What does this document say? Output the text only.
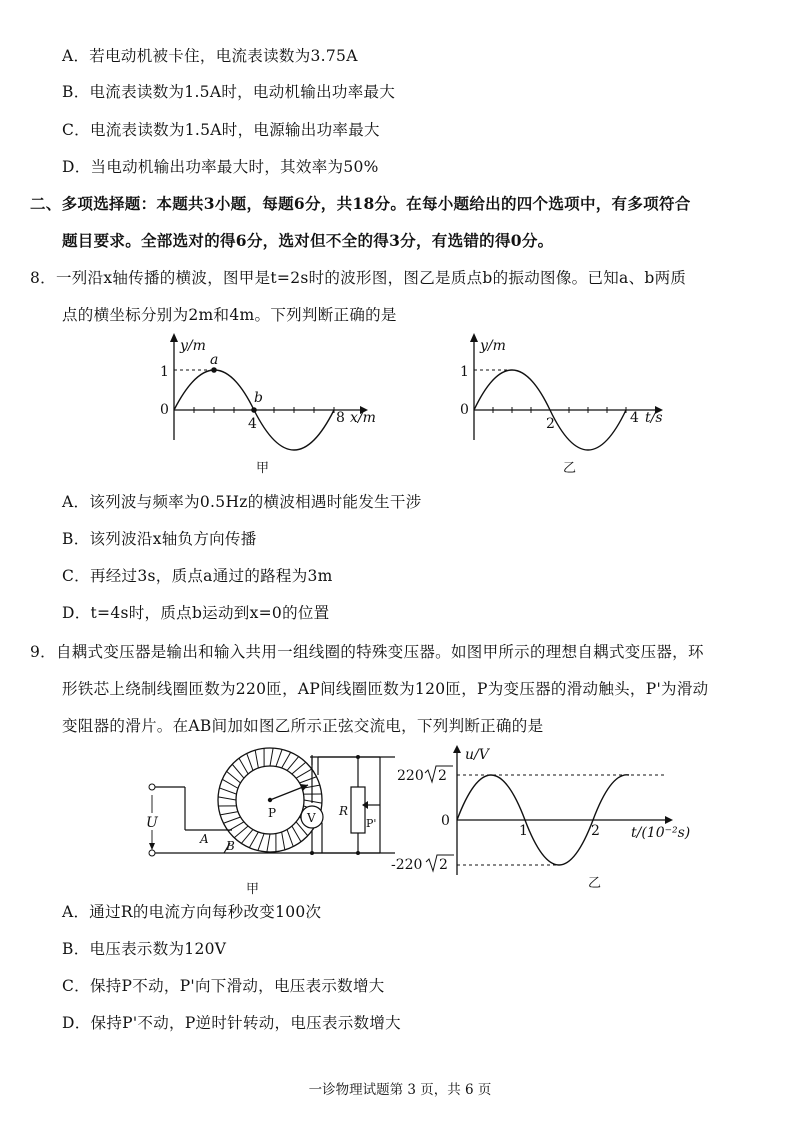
A．若电动机被卡住，电流表读数为3.75A
B．电流表读数为1.5A时，电动机输出功率最大
C．电流表读数为1.5A时，电源输出功率最大
D．当电动机输出功率最大时，其效率为50%
二、多项选择题：本题共3小题，每题6分，共18分。在每小题给出的四个选项中，有多项符合
题目要求。全部选对的得6分，选对但不全的得3分，有选错的得0分。
8．一列沿x轴传播的横波，图甲是t=2s时的波形图，图乙是质点b的振动图像。已知a、b两质
点的横坐标分别为2m和4m。下列判断正确的是
y/m
1
0
4	8 x/m
a
b
甲
y/m
1
0
2	4 t/s
乙
A．该列波与频率为0.5Hz的横波相遇时能发生干涉
B．该列波沿x轴负方向传播
C．再经过3s，质点a通过的路程为3m
D．t=4s时，质点b运动到x=0的位置
9．自耦式变压器是输出和输入共用一组线圈的特殊变压器。如图甲所示的理想自耦式变压器，环
形铁芯上绕制线圈匝数为220匝，AP间线圈匝数为120匝，P为变压器的滑动触头，P'为滑动
变阻器的滑片。在AB间加如图乙所示正弦交流电，下列判断正确的是
P
U
A B
V R
P'
甲
u/V
220 2
-220 2
0
1	2 t/(10⁻²s)
乙
A．通过R的电流方向每秒改变100次
B．电压表示数为120V
C．保持P不动，P'向下滑动，电压表示数增大
D．保持P'不动，P逆时针转动，电压表示数增大
一诊物理试题第 3 页，共 6 页
